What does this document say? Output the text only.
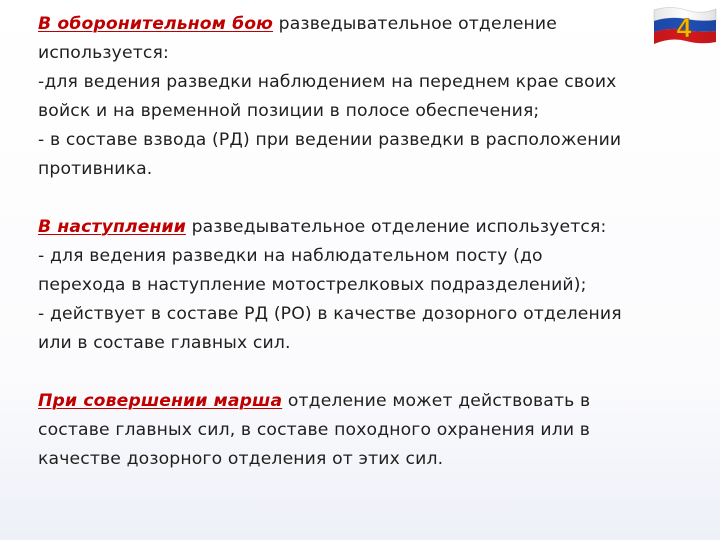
4

В оборонительном бою разведывательное отделение
используется:
-для ведения разведки наблюдением на переднем крае своих
войск и на временной позиции в полосе обеспечения;
- в составе взвода (РД) при ведении разведки в расположении
противника.

В наступлении разведывательное отделение используется:
- для ведения разведки на наблюдательном посту (до
перехода в наступление мотострелковых подразделений);
- действует в составе РД (РО) в качестве дозорного отделения
или в составе главных сил.

При совершении марша отделение может действовать в
составе главных сил, в составе походного охранения или в
качестве дозорного отделения от этих сил.
